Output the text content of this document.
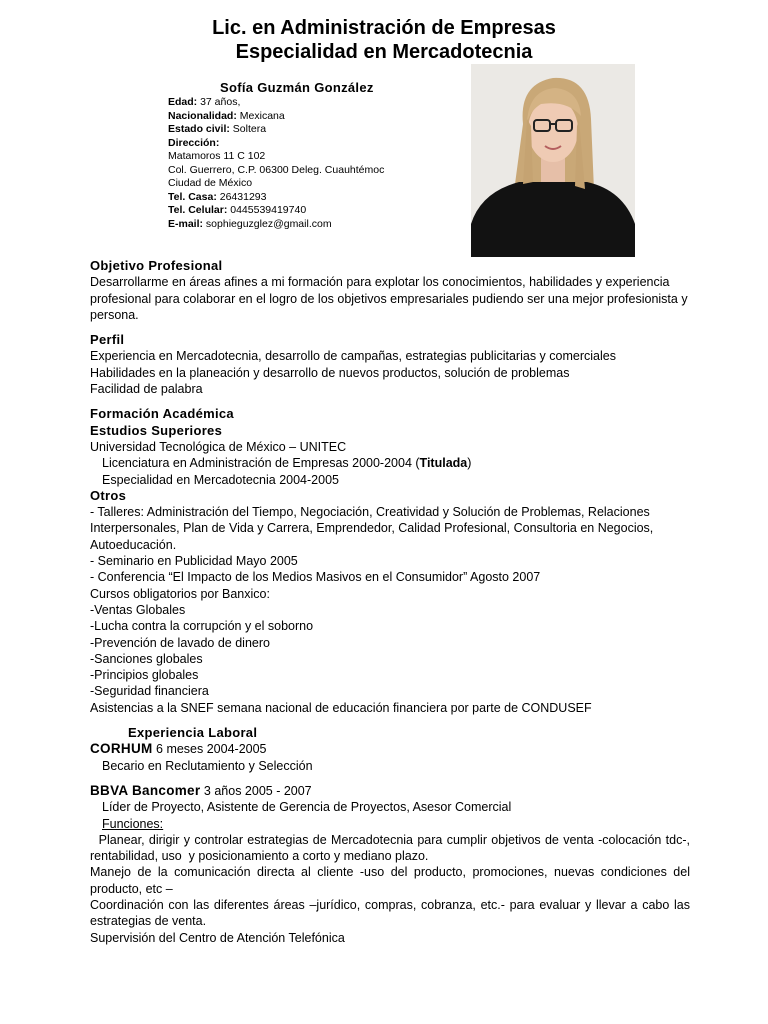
Lic. en Administración de Empresas
Especialidad en Mercadotecnia
Sofía Guzmán González
Edad: 37 años,
Nacionalidad: Mexicana
Estado civil: Soltera
Dirección:
Matamoros 11 C 102
Col. Guerrero, C.P. 06300 Deleg. Cuauhtémoc
Ciudad de México
Tel. Casa: 26431293
Tel. Celular: 0445539419740
E-mail: sophieguzglez@gmail.com
Objetivo Profesional
Desarrollarme en áreas afines a mi formación para explotar los conocimientos, habilidades y experiencia profesional para colaborar en el logro de los objetivos empresariales pudiendo ser una mejor profesionista y persona.
Perfil
Experiencia en Mercadotecnia, desarrollo de campañas, estrategias publicitarias y comerciales
Habilidades en la planeación y desarrollo de nuevos productos, solución de problemas
Facilidad de palabra
Formación Académica
Estudios Superiores
Universidad Tecnológica de México – UNITEC
Licenciatura en Administración de Empresas 2000-2004 (Titulada)
Especialidad en Mercadotecnia 2004-2005
Otros
- Talleres: Administración del Tiempo, Negociación, Creatividad y Solución de Problemas, Relaciones Interpersonales, Plan de Vida y Carrera, Emprendedor, Calidad Profesional, Consultoria en Negocios, Autoeducación.
- Seminario en Publicidad Mayo 2005
- Conferencia “El Impacto de los Medios Masivos en el Consumidor” Agosto 2007
Cursos obligatorios por Banxico:
-Ventas Globales
-Lucha contra la corrupción y el soborno
-Prevención de lavado de dinero
-Sanciones globales
-Principios globales
-Seguridad financiera
Asistencias a la SNEF semana nacional de educación financiera por parte de CONDUSEF
Experiencia Laboral
CORHUM 6 meses 2004-2005
Becario en Reclutamiento y Selección
BBVA Bancomer 3 años 2005 - 2007
Líder de Proyecto, Asistente de Gerencia de Proyectos, Asesor Comercial
Funciones:
Planear, dirigir y controlar estrategias de Mercadotecnia para cumplir objetivos de venta -colocación tdc-, rentabilidad, uso  y posicionamiento a corto y mediano plazo.
Manejo de la comunicación directa al cliente -uso del producto, promociones, nuevas condiciones del producto, etc –
Coordinación con las diferentes áreas –jurídico, compras, cobranza, etc.- para evaluar y llevar a cabo las estrategias de venta.
Supervisión del Centro de Atención Telefónica
